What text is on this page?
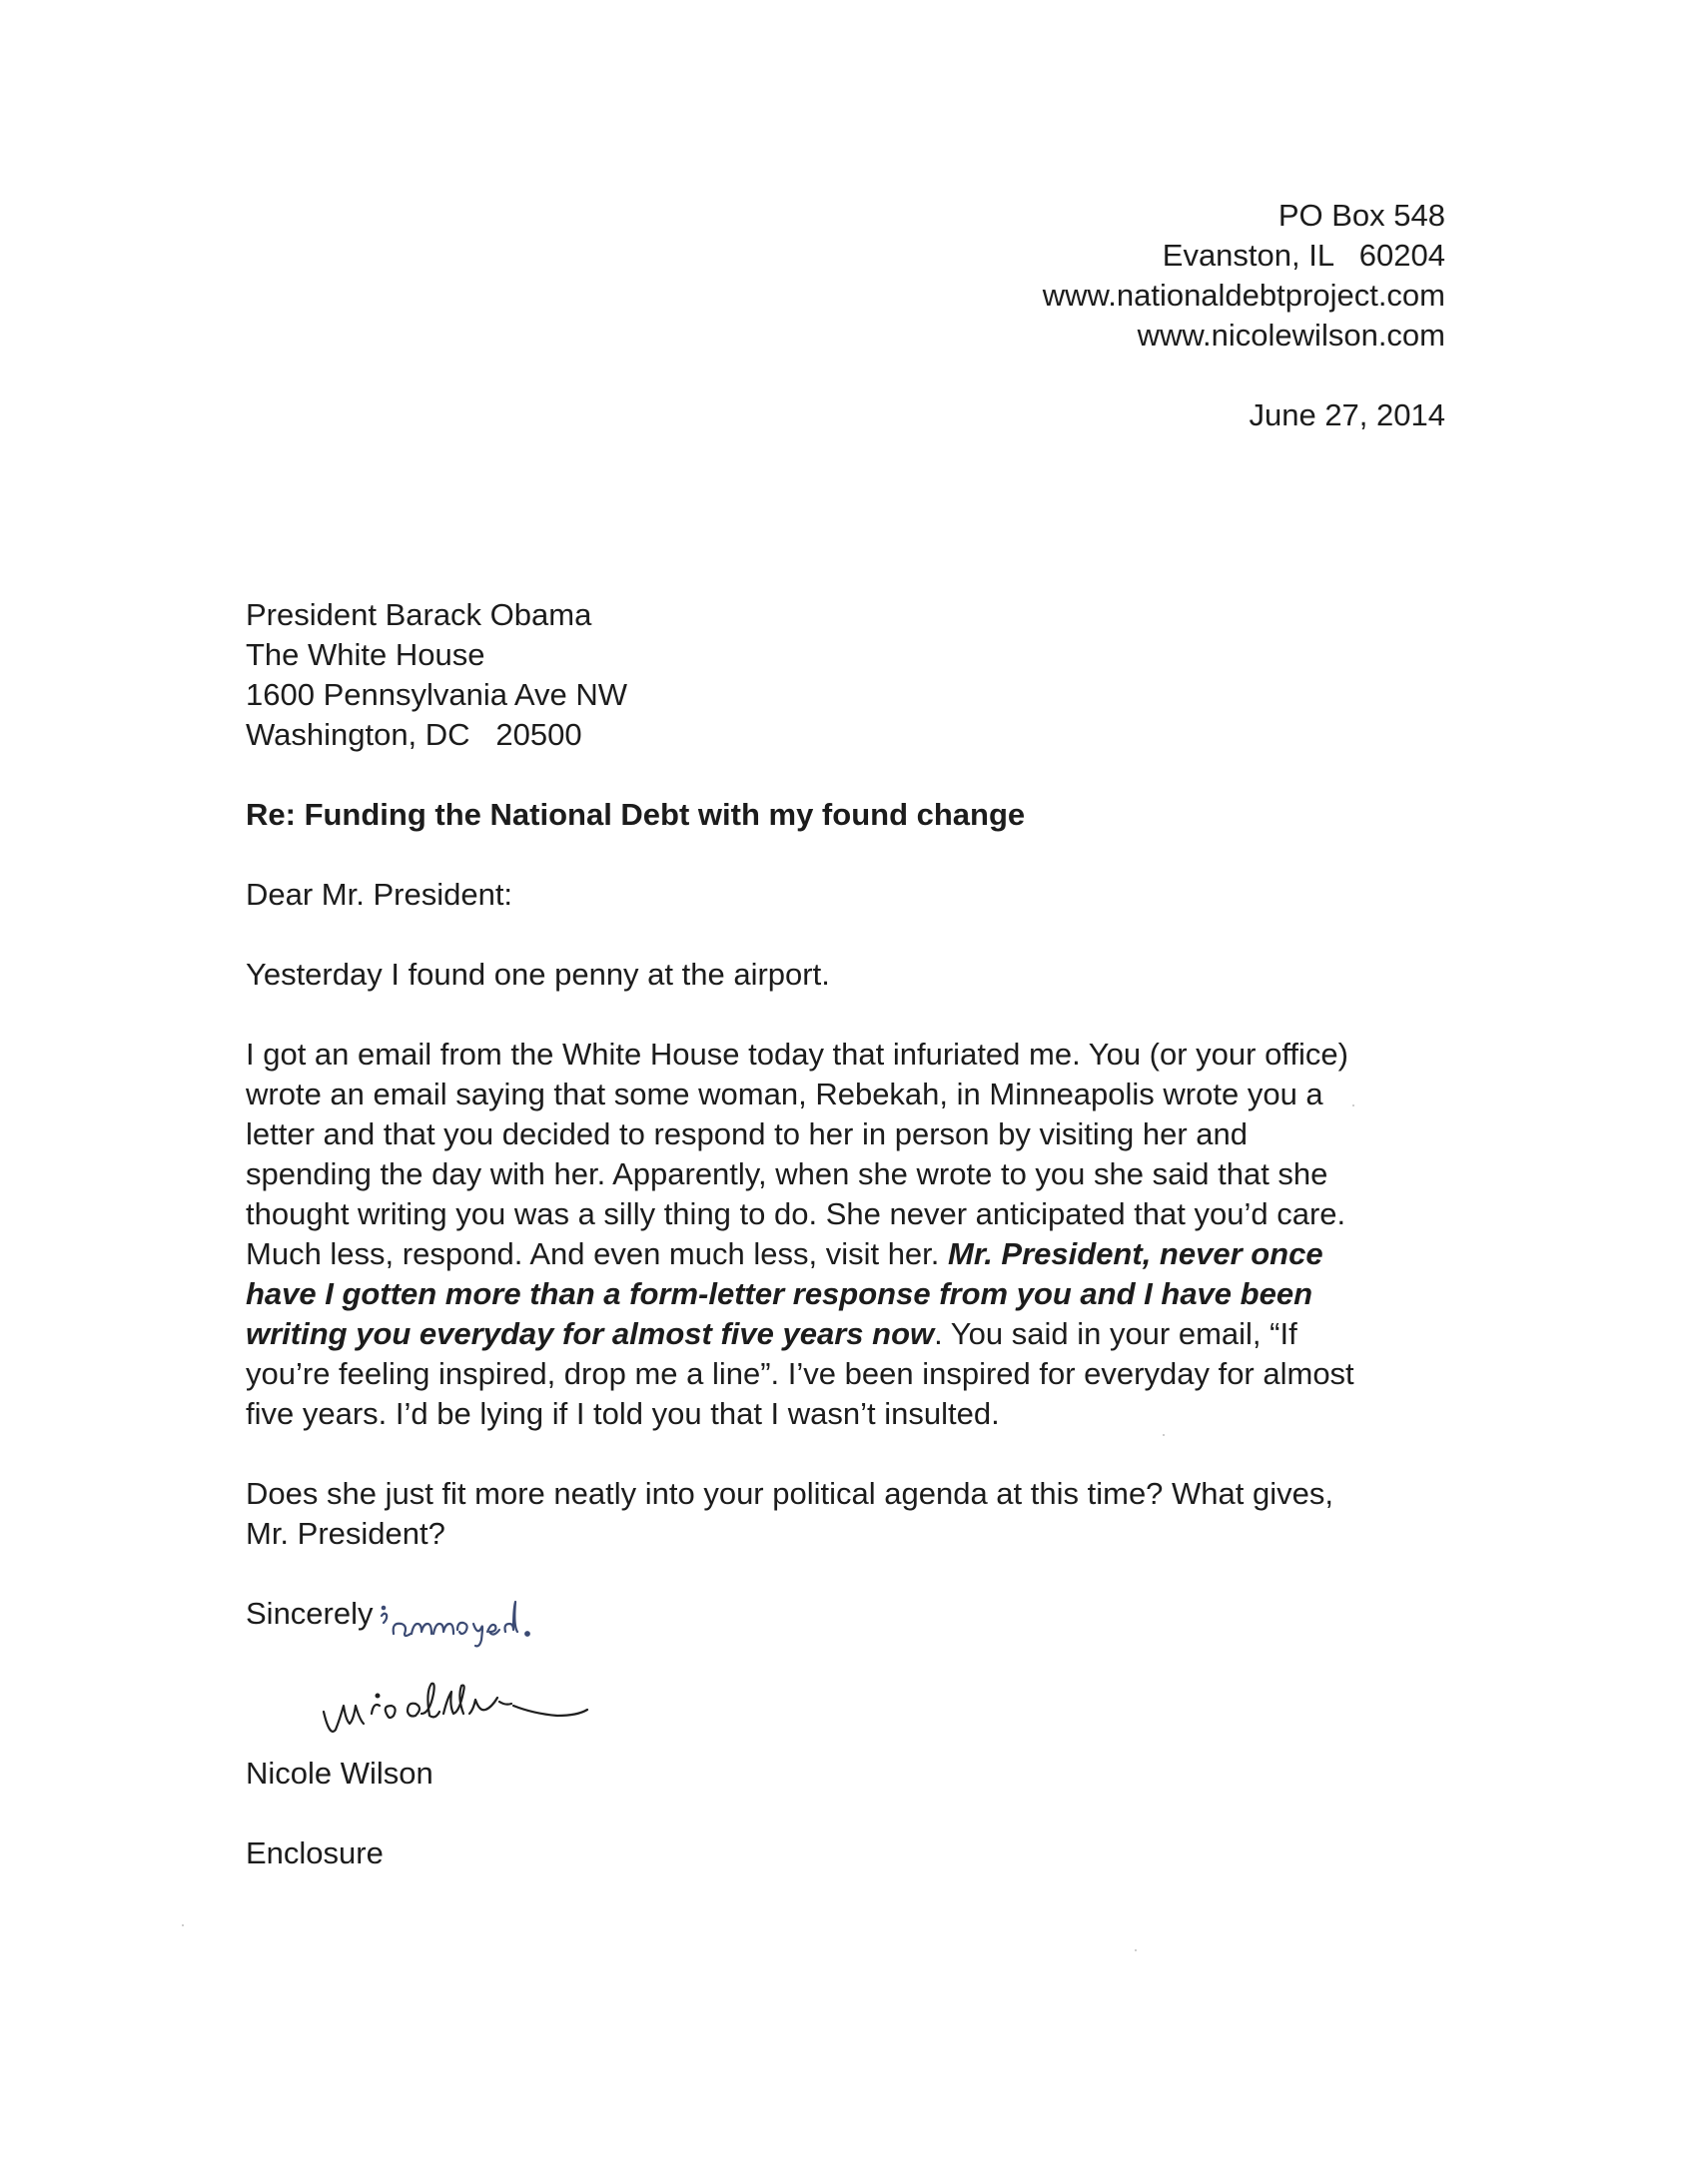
PO Box 548
Evanston, IL   60204
www.nationaldebtproject.com
www.nicolewilson.com
June 27, 2014
President Barack Obama
The White House
1600 Pennsylvania Ave NW
Washington, DC   20500
Re: Funding the National Debt with my found change
Dear Mr. President:
Yesterday I found one penny at the airport.
I got an email from the White House today that infuriated me. You (or your office)
wrote an email saying that some woman, Rebekah, in Minneapolis wrote you a
letter and that you decided to respond to her in person by visiting her and
spending the day with her. Apparently, when she wrote to you she said that she
thought writing you was a silly thing to do. She never anticipated that you’d care.
Much less, respond. And even much less, visit her. Mr. President, never once
have I gotten more than a form-letter response from you and I have been
writing you everyday for almost five years now. You said in your email, “If
you’re feeling inspired, drop me a line”. I’ve been inspired for everyday for almost
five years. I’d be lying if I told you that I wasn’t insulted.
Does she just fit more neatly into your political agenda at this time? What gives,
Mr. President?
Sincerely
Nicole Wilson
Enclosure
